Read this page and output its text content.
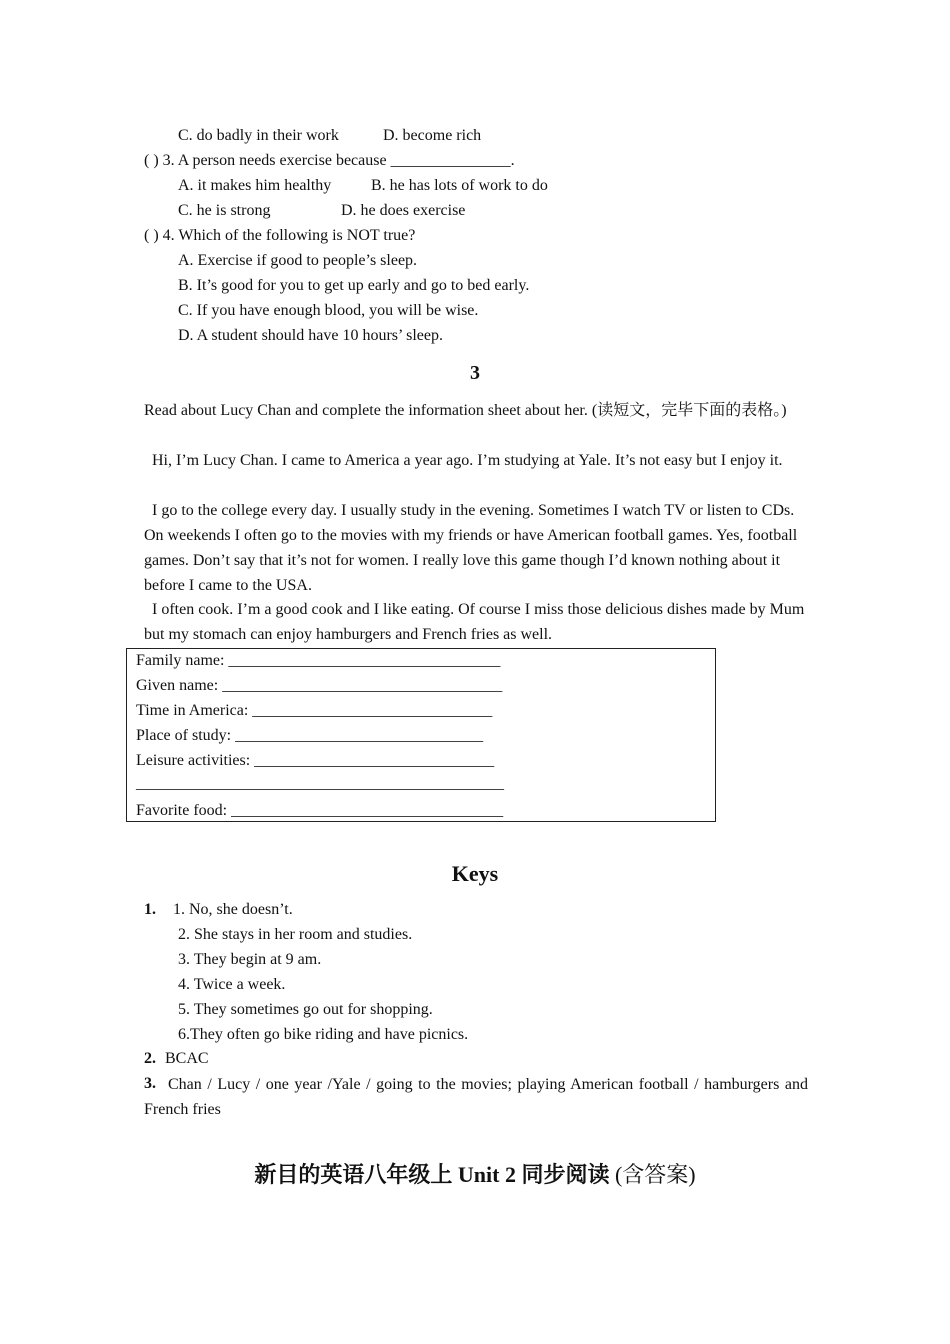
C. do badly in their work	D. become rich
( ) 3. A person needs exercise because _______________.
A. it makes him healthy B. he has lots of work to do
C. he is strong	D. he does exercise
( ) 4. Which of the following is NOT true?
A. Exercise if good to people’s sleep.
B. It’s good for you to get up early and go to bed early.
C. If you have enough blood, you will be wise.
D. A student should have 10 hours’ sleep.
3
Read about Lucy Chan and complete the information sheet about her. (读短文，完毕下面的表格。)
Hi, I’m Lucy Chan. I came to America a year ago. I’m studying at Yale. It’s not easy but I enjoy it.
I go to the college every day. I usually study in the evening. Sometimes I watch TV or listen to CDs. On weekends I often go to the movies with my friends or have American football games. Yes, football games. Don’t say that it’s not for women. I really love this game though I’d known nothing about it before I came to the USA.
I often cook. I’m a good cook and I like eating. Of course I miss those delicious dishes made by Mum but my stomach can enjoy hamburgers and French fries as well.
Family name: __________________________________
Given name: ___________________________________
Time in America: ______________________________
Place of study: _______________________________
Leisure activities: ______________________________
______________________________________________
Favorite food: __________________________________
Keys
1. 1. No, she doesn’t.
2. She stays in her room and studies.
3. They begin at 9 am.
4. Twice a week.
5. They sometimes go out for shopping.
6.They often go bike riding and have picnics.
2. BCAC
3. Chan / Lucy / one year /Yale / going to the movies; playing American football / hamburgers and French fries
新目的英语八年级上 Unit 2 同步阅读 (含答案)
